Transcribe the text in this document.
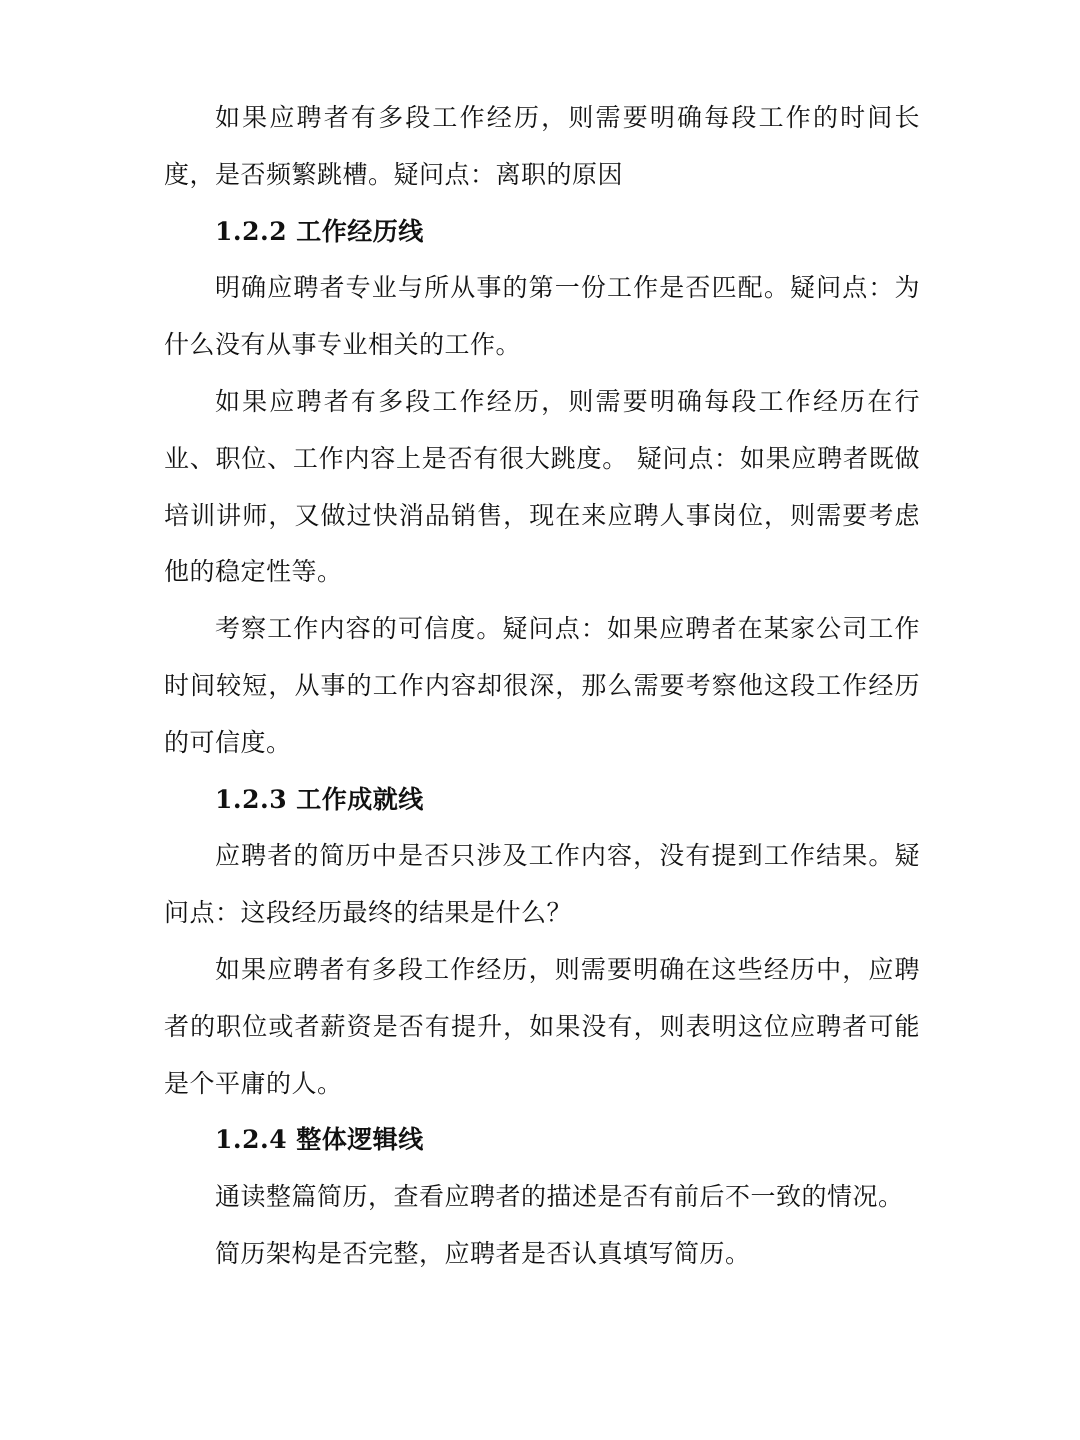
如果应聘者有多段工作经历，则需要明确每段工作的时间长度，是否频繁跳槽。疑问点：离职的原因

1.2.2 工作经历线

明确应聘者专业与所从事的第一份工作是否匹配。疑问点：为什么没有从事专业相关的工作。

如果应聘者有多段工作经历，则需要明确每段工作经历在行业、职位、工作内容上是否有很大跳度。 疑问点：如果应聘者既做培训讲师，又做过快消品销售，现在来应聘人事岗位，则需要考虑他的稳定性等。

考察工作内容的可信度。疑问点：如果应聘者在某家公司工作时间较短，从事的工作内容却很深，那么需要考察他这段工作经历的可信度。

1.2.3 工作成就线

应聘者的简历中是否只涉及工作内容，没有提到工作结果。疑问点：这段经历最终的结果是什么？

如果应聘者有多段工作经历，则需要明确在这些经历中，应聘者的职位或者薪资是否有提升，如果没有，则表明这位应聘者可能是个平庸的人。

1.2.4 整体逻辑线

通读整篇简历，查看应聘者的描述是否有前后不一致的情况。

简历架构是否完整，应聘者是否认真填写简历。
